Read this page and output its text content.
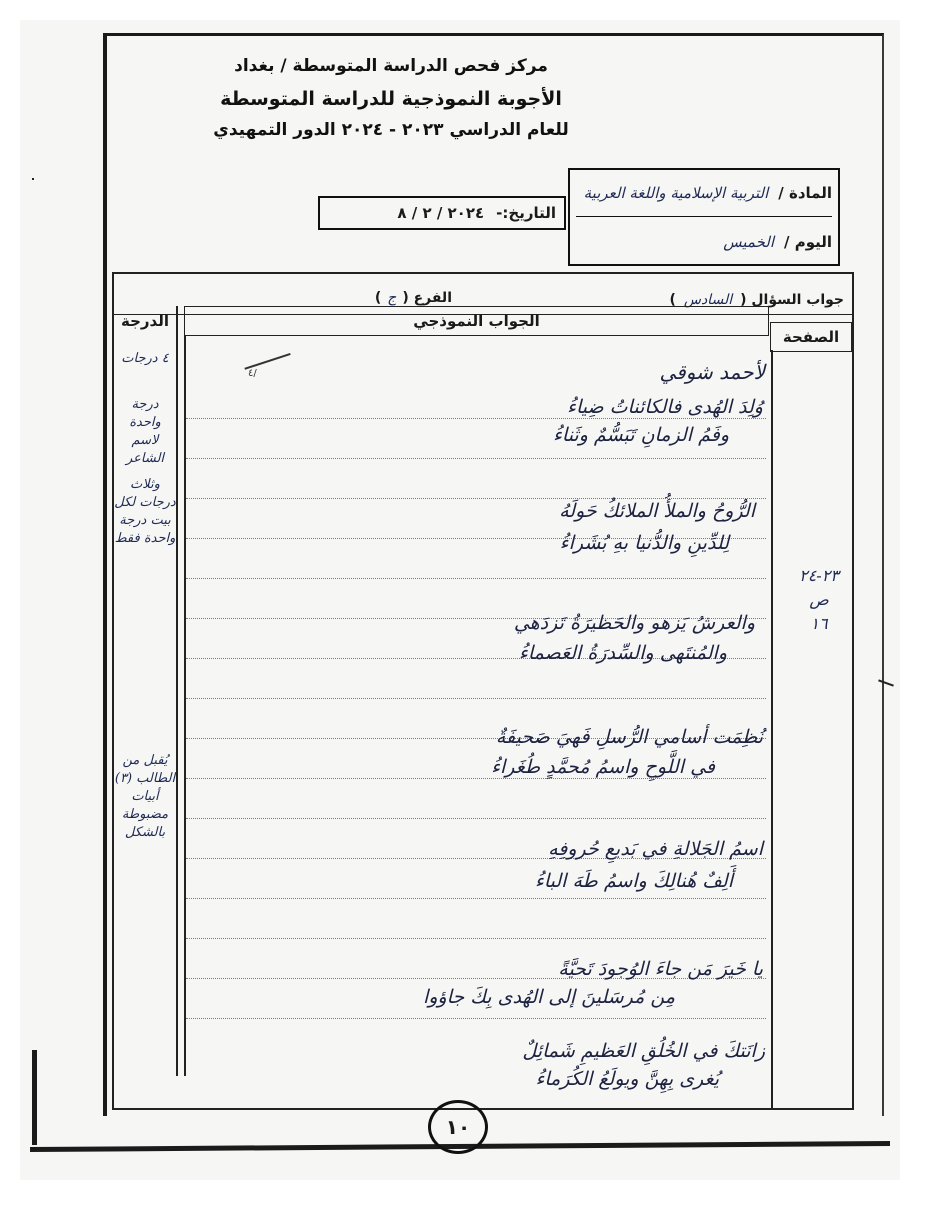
مركز فحص الدراسة المتوسطة / بغداد
الأجوبة النموذجية للدراسة المتوسطة
للعام الدراسي ٢٠٢٣ - ٢٠٢٤ الدور التمهيدي
المادة /
التربية الإسلامية واللغة العربية
اليوم /
الخميس
التاريخ:-
٢٠٢٤ / ٢ / ٨
جواب السؤال (السادس)
الفرع (ج)
الدرجة	الجواب النموذجي
الصفحة
٤ درجات
درجة واحدة لاسم الشاعر
وثلاث درجات لكل بيت درجة واحدة فقط
يُقبل من الطالب (٣) أبيات مضبوطة بالشكل
٢٣-٢٤
ص
١٦
٤/	لأحمد شوقي
وُلِدَ الهُدى فالكائناتُ ضِياءُ
وفَمُ الزمانِ تَبَسُّمٌ وثَناءُ
الرُّوحُ والملأُ الملائكُ حَولَهُ
لِلدِّينِ والدُّنيا بهِ بُشَراءُ
والعرشُ يَزهو والحَظيرَةُ تَزدَهي
والمُنتَهى والسِّدرَةُ العَصماءُ
نُظِمَت أسامي الرُّسلِ فَهيَ صَحيفَةٌ
في اللَّوحِ واسمُ مُحمَّدٍ طُغَراءُ
اسمُ الجَلالةِ في بَديعِ حُروفِهِ
أَلِفٌ هُنالِكَ واسمُ طَهَ الباءُ
يا خَيرَ مَن جاءَ الوُجودَ تَحيَّةً
مِن مُرسَلينَ إلى الهُدى بِكَ جاؤوا
زانَتكَ في الخُلُقِ العَظيمِ شَمائِلٌ
يُغرى بِهِنَّ ويولَعُ الكُرَماءُ
١٠
